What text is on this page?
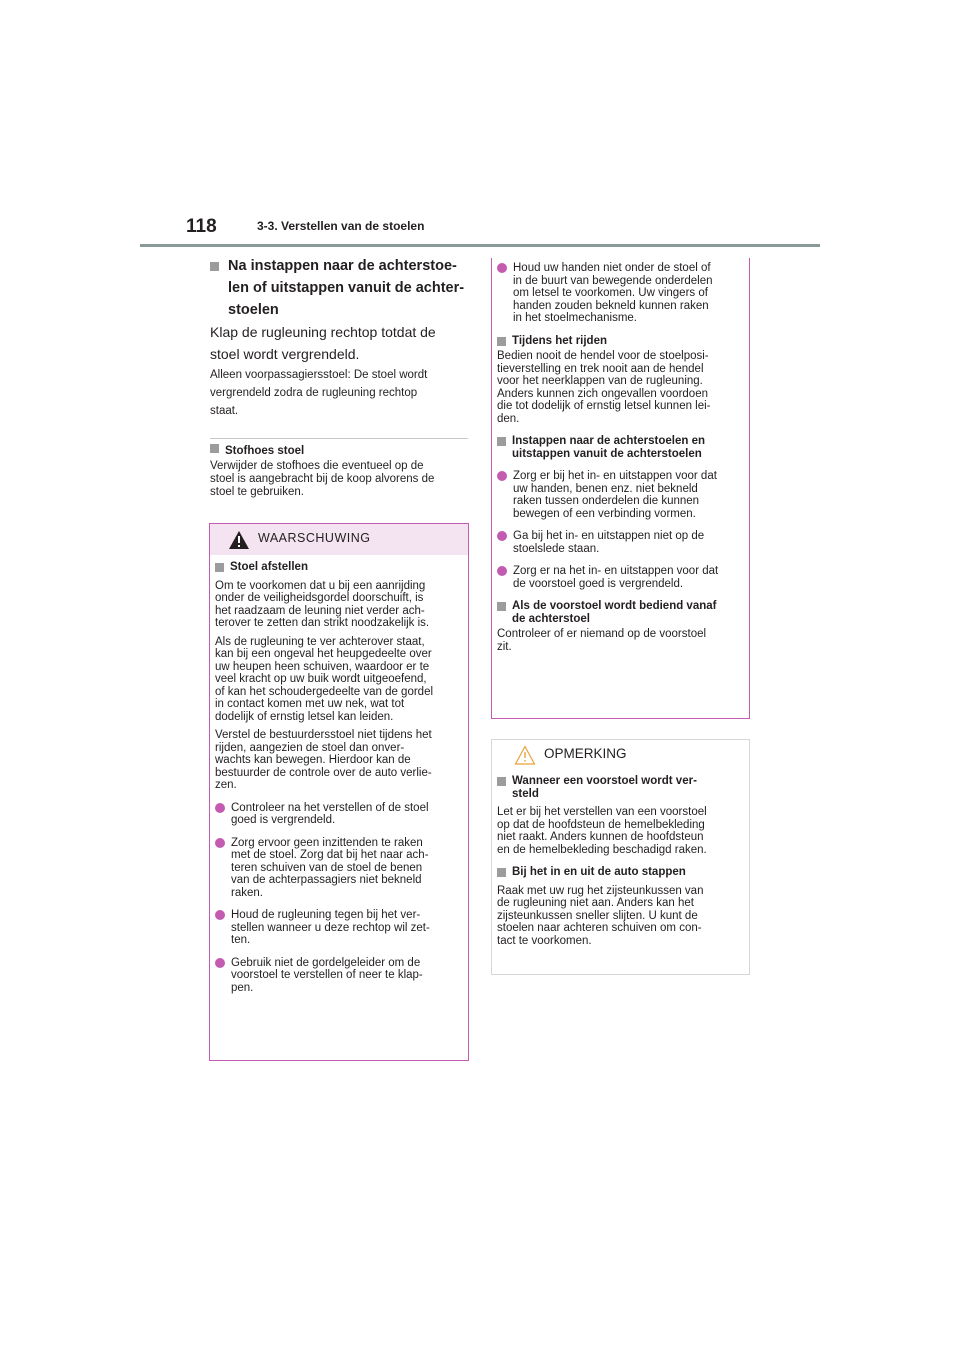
118	3-3. Verstellen van de stoelen
Na instappen naar de achterstoe-
len of uitstappen vanuit de achter-
stoelen
Klap de rugleuning rechtop totdat de
stoel wordt vergrendeld.
Alleen voorpassagiersstoel: De stoel wordt
vergrendeld zodra de rugleuning rechtop
staat.
Stofhoes stoel
Verwijder de stofhoes die eventueel op de
stoel is aangebracht bij de koop alvorens de
stoel te gebruiken.
WAARSCHUWING
Stoel afstellen

Om te voorkomen dat u bij een aanrijding

onder de veiligheidsgordel doorschuift, is

het raadzaam de leuning niet verder ach-

terover te zetten dan strikt noodzakelijk is.

Als de rugleuning te ver achterover staat,

kan bij een ongeval het heupgedeelte over

uw heupen heen schuiven, waardoor er te

veel kracht op uw buik wordt uitgeoefend,

of kan het schoudergedeelte van de gordel

in contact komen met uw nek, wat tot

dodelijk of ernstig letsel kan leiden.

Verstel de bestuurdersstoel niet tijdens het

rijden, aangezien de stoel dan onver-

wachts kan bewegen. Hierdoor kan de

bestuurder de controle over de auto verlie-

zen.

Controleer na het verstellen of de stoel

goed is vergrendeld.

Zorg ervoor geen inzittenden te raken

met de stoel. Zorg dat bij het naar ach-

teren schuiven van de stoel de benen

van de achterpassagiers niet bekneld

raken.

Houd de rugleuning tegen bij het ver-

stellen wanneer u deze rechtop wil zet-

ten.

Gebruik niet de gordelgeleider om de

voorstoel te verstellen of neer te klap-

pen.

Houd uw handen niet onder de stoel of

in de buurt van bewegende onderdelen

om letsel te voorkomen. Uw vingers of

handen zouden bekneld kunnen raken

in het stoelmechanisme.

Tijdens het rijden

Bedien nooit de hendel voor de stoelposi-

tieverstelling en trek nooit aan de hendel

voor het neerklappen van de rugleuning.

Anders kunnen zich ongevallen voordoen

die tot dodelijk of ernstig letsel kunnen lei-

den.

Instappen naar de achterstoelen en

uitstappen vanuit de achterstoelen

Zorg er bij het in- en uitstappen voor dat

uw handen, benen enz. niet bekneld

raken tussen onderdelen die kunnen

bewegen of een verbinding vormen.

Ga bij het in- en uitstappen niet op de

stoelslede staan.

Zorg er na het in- en uitstappen voor dat

de voorstoel goed is vergrendeld.

Als de voorstoel wordt bediend vanaf

de achterstoel

Controleer of er niemand op de voorstoel

zit.

OPMERKING

Wanneer een voorstoel wordt ver-

steld

Let er bij het verstellen van een voorstoel

op dat de hoofdsteun de hemelbekleding

niet raakt. Anders kunnen de hoofdsteun

en de hemelbekleding beschadigd raken.

Bij het in en uit de auto stappen

Raak met uw rug het zijsteunkussen van

de rugleuning niet aan. Anders kan het

zijsteunkussen sneller slijten. U kunt de

stoelen naar achteren schuiven om con-

tact te voorkomen.
